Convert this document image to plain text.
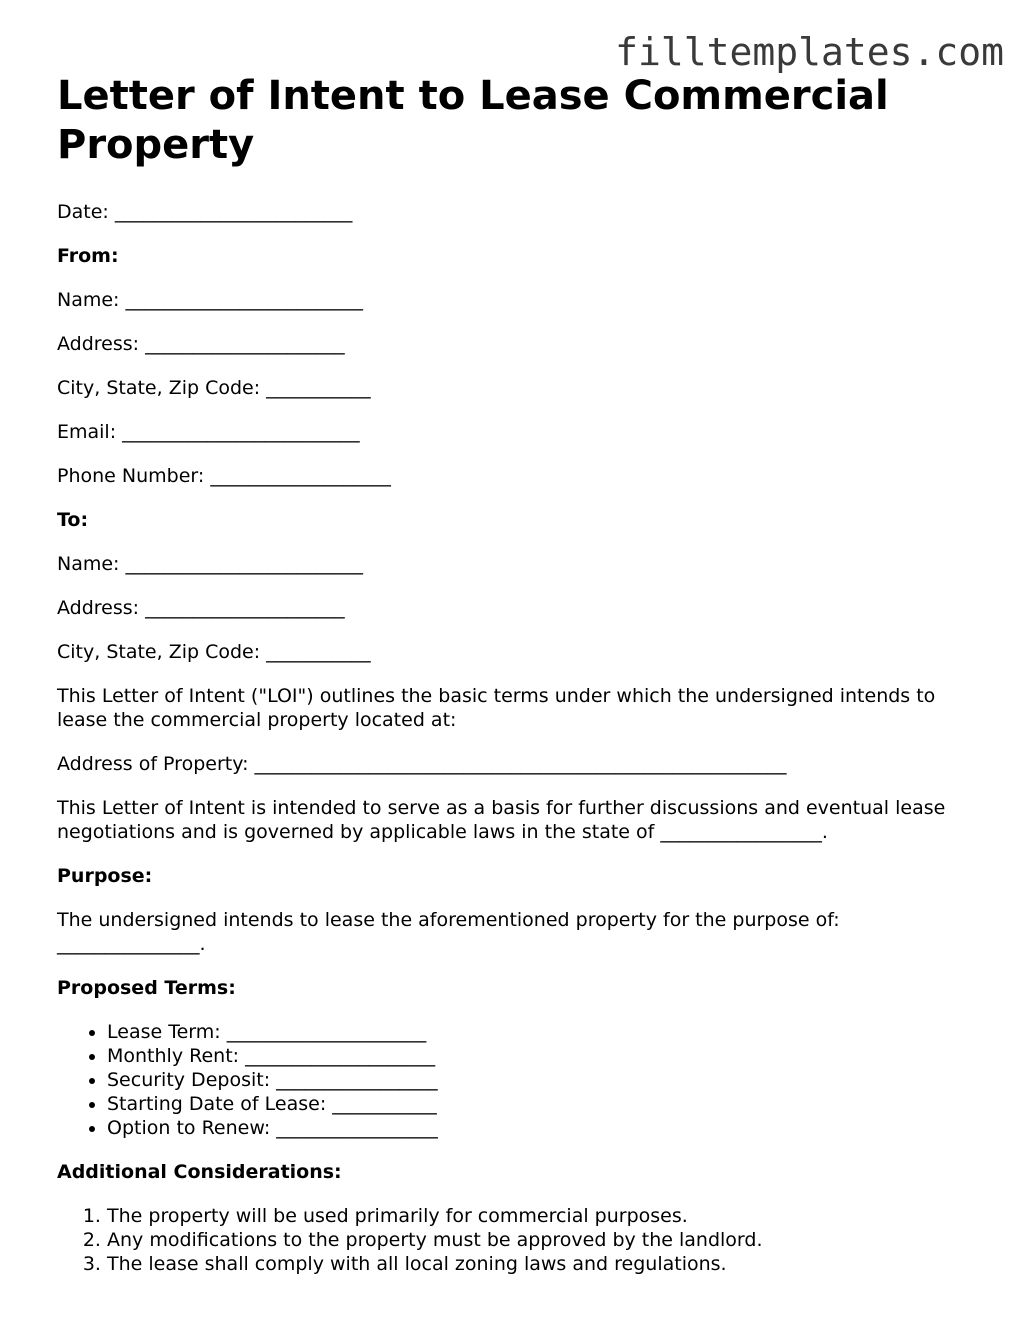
filltemplates.com
Letter of Intent to Lease Commercial Property
Date: _________________________
From:
Name: _________________________
Address: _____________________
City, State, Zip Code: ___________
Email: _________________________
Phone Number: ___________________
To:
Name: _________________________
Address: _____________________
City, State, Zip Code: ___________
This Letter of Intent ("LOI") outlines the basic terms under which the undersigned intends to lease the commercial property located at:
Address of Property: ________________________________________________________
This Letter of Intent is intended to serve as a basis for further discussions and eventual lease negotiations and is governed by applicable laws in the state of _________________.
Purpose:
The undersigned intends to lease the aforementioned property for the purpose of: _______________.
Proposed Terms:
• Lease Term: _____________________
• Monthly Rent: ____________________
• Security Deposit: _________________
• Starting Date of Lease: ___________
• Option to Renew: _________________
Additional Considerations:
1. The property will be used primarily for commercial purposes.
2. Any modifications to the property must be approved by the landlord.
3. The lease shall comply with all local zoning laws and regulations.
